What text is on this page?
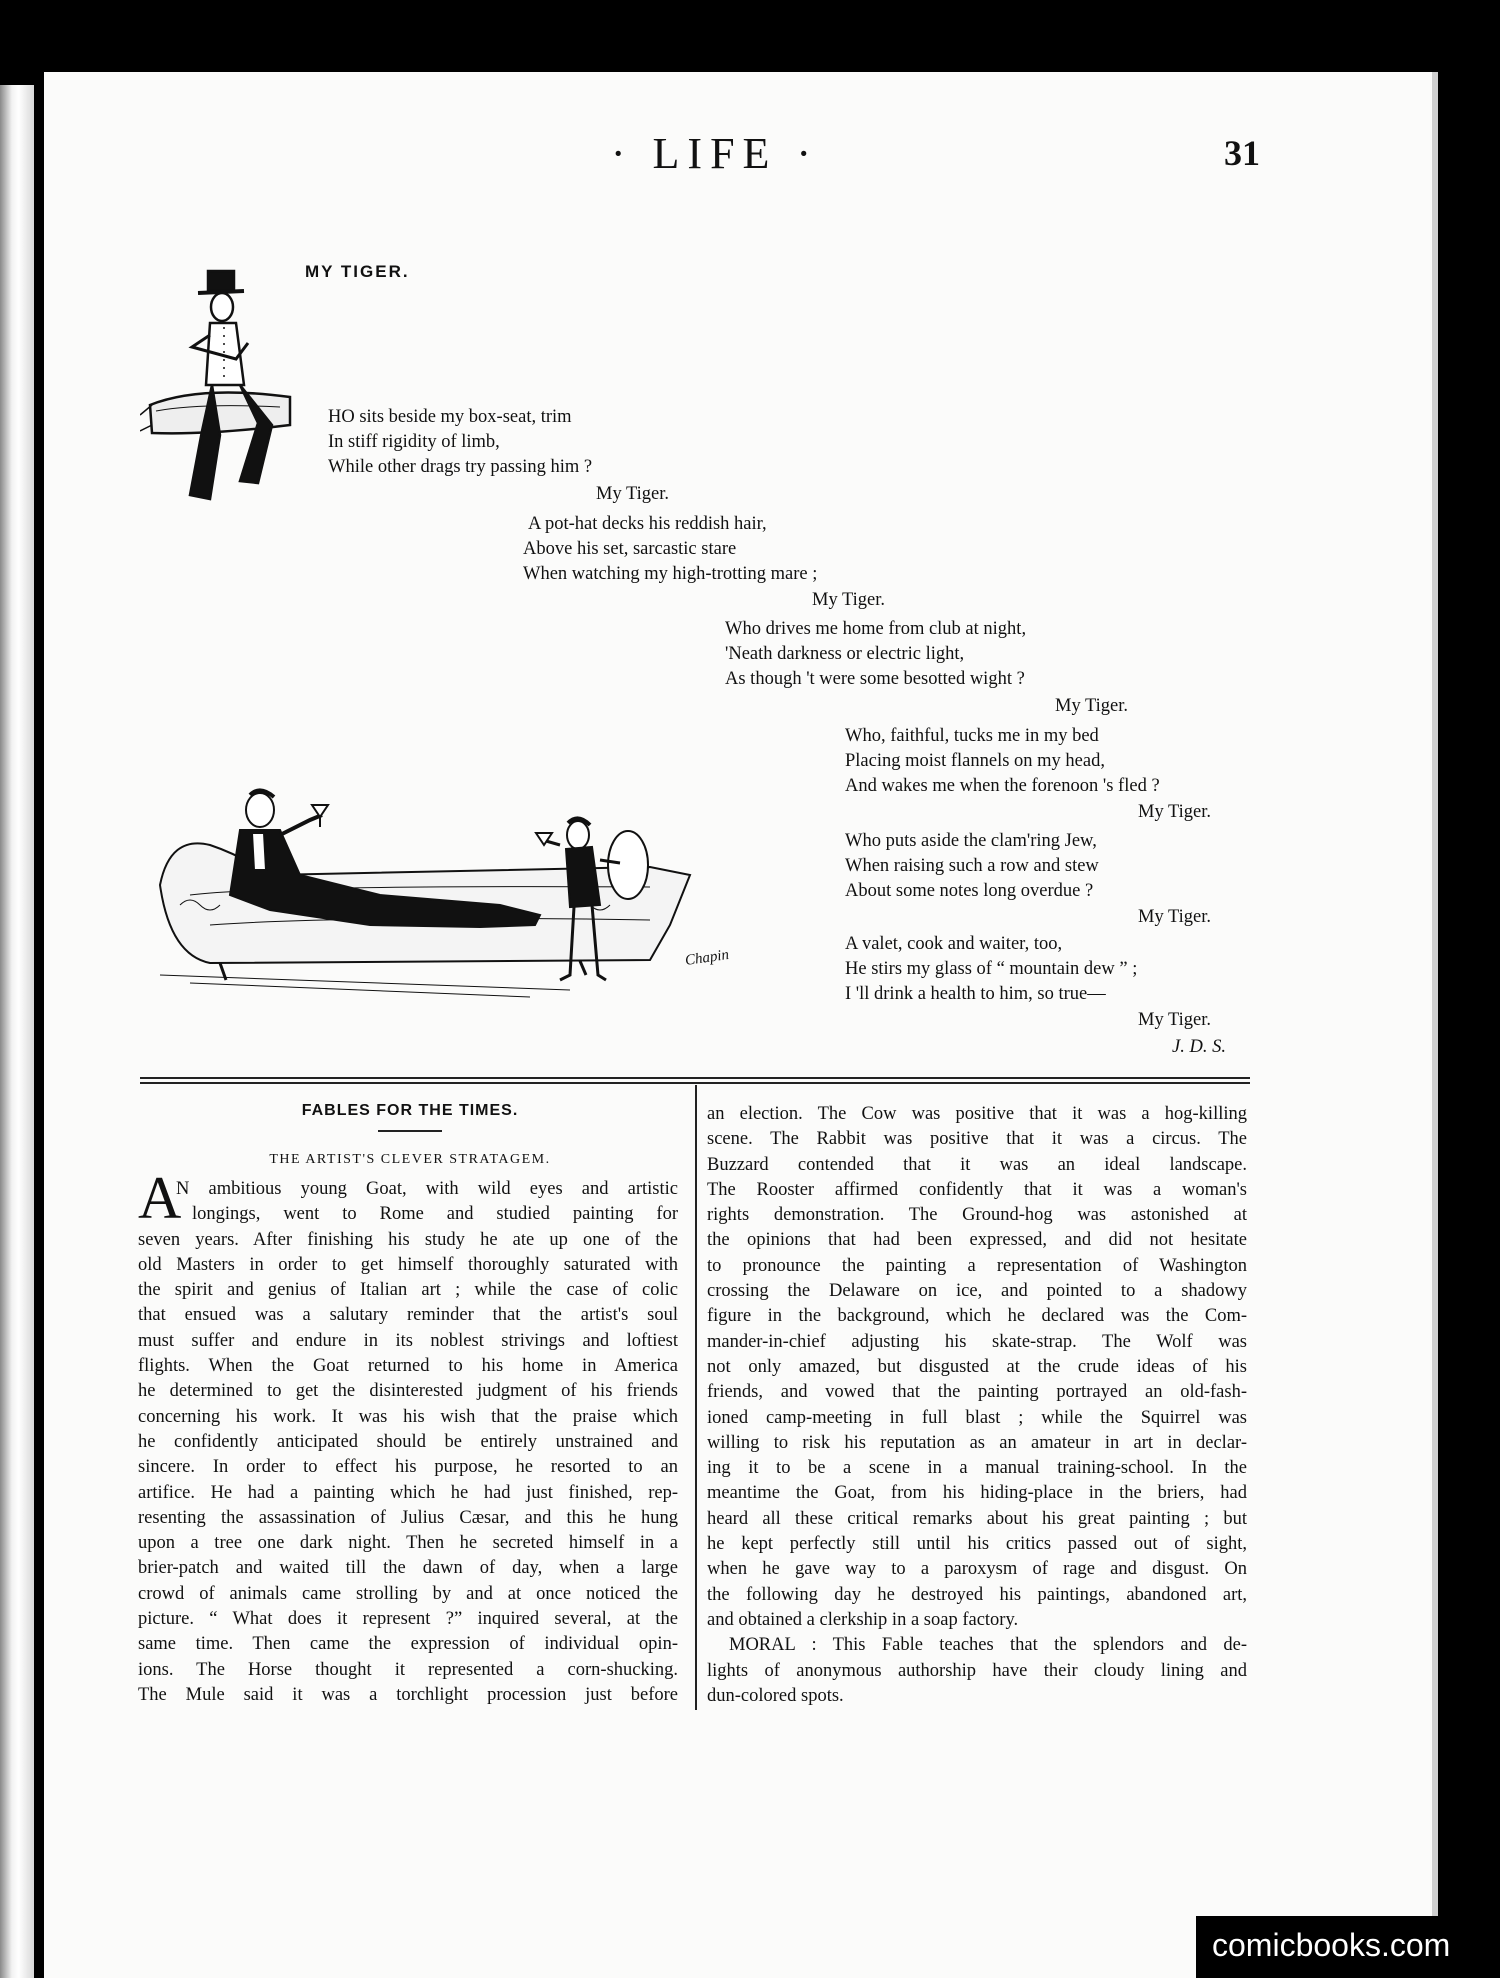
· LIFE ·	31
MY TIGER.
HO sits beside my box-seat, trim
In stiff rigidity of limb,
While other drags try passing him ?
My Tiger.
A pot-hat decks his reddish hair,
Above his set, sarcastic stare
When watching my high-trotting mare ;
My Tiger.
Who drives me home from club at night,
'Neath darkness or electric light,
As though 't were some besotted wight ?
My Tiger.
Who, faithful, tucks me in my bed
Placing moist flannels on my head,
And wakes me when the forenoon 's fled ?
My Tiger.
Who puts aside the clam'ring Jew,
When raising such a row and stew
About some notes long overdue ?
My Tiger.
A valet, cook and waiter, too,
He stirs my glass of “ mountain dew ” ;
I 'll drink a health to him, so true—
My Tiger.
J. D. S.
Chapin
FABLES FOR THE TIMES.
THE ARTIST'S CLEVER STRATAGEM.
A
N ambitious young Goat, with wild eyes and artistic
longings, went to Rome and studied painting for
seven years. After finishing his study he ate up one of the
old Masters in order to get himself thoroughly saturated with
the spirit and genius of Italian art ; while the case of colic
that ensued was a salutary reminder that the artist's soul
must suffer and endure in its noblest strivings and loftiest
flights. When the Goat returned to his home in America
he determined to get the disinterested judgment of his friends
concerning his work. It was his wish that the praise which
he confidently anticipated should be entirely unstrained and
sincere. In order to effect his purpose, he resorted to an
artifice. He had a painting which he had just finished, rep-
resenting the assassination of Julius Cæsar, and this he hung
upon a tree one dark night. Then he secreted himself in a
brier-patch and waited till the dawn of day, when a large
crowd of animals came strolling by and at once noticed the
picture. “ What does it represent ?” inquired several, at the
same time. Then came the expression of individual opin-
ions. The Horse thought it represented a corn-shucking.
The Mule said it was a torchlight procession just before
an election. The Cow was positive that it was a hog-killing
scene. The Rabbit was positive that it was a circus. The
Buzzard contended that it was an ideal landscape.
The Rooster affirmed confidently that it was a woman's
rights demonstration. The Ground-hog was astonished at
the opinions that had been expressed, and did not hesitate
to pronounce the painting a representation of Washington
crossing the Delaware on ice, and pointed to a shadowy
figure in the background, which he declared was the Com-
mander-in-chief adjusting his skate-strap. The Wolf was
not only amazed, but disgusted at the crude ideas of his
friends, and vowed that the painting portrayed an old-fash-
ioned camp-meeting in full blast ; while the Squirrel was
willing to risk his reputation as an amateur in art in declar-
ing it to be a scene in a manual training-school. In the
meantime the Goat, from his hiding-place in the briers, had
heard all these critical remarks about his great painting ; but
he kept perfectly still until his critics passed out of sight,
when he gave way to a paroxysm of rage and disgust. On
the following day he destroyed his paintings, abandoned art,
and obtained a clerkship in a soap factory.
MORAL : This Fable teaches that the splendors and de-
lights of anonymous authorship have their cloudy lining and
dun-colored spots.
comicbooks.com
